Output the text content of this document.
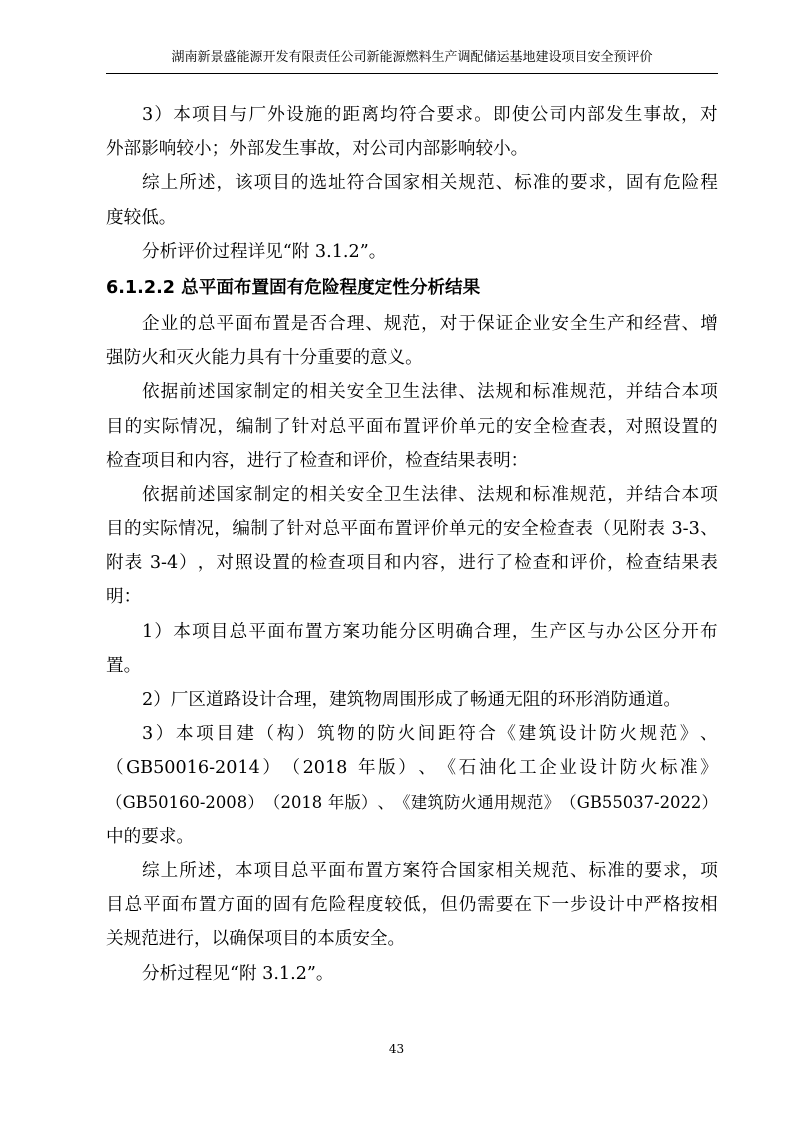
湖南新景盛能源开发有限责任公司新能源燃料生产调配储运基地建设项目安全预评价
3 ） 本 项 目 与 厂 外 设 施 的 距 离 均 符 合 要 求 。 即 使 公 司 内 部 发 生 事 故 ， 对
外部影响较小；外部发生事故，对公司内部影响较小。
综 上 所 述 ， 该 项 目 的 选 址 符 合 国 家 相 关 规 范 、 标 准 的 要 求 ， 固 有 危 险 程
度较低。
分析评价过程详见“附 3.1.2”。
6.1.2.2 总平面布置固有危险程度定性分析结果
企 业 的 总 平 面 布 置 是 否 合 理 、 规 范 ， 对 于 保 证 企 业 安 全 生 产 和 经 营 、 增
强防火和灭火能力具有十分重要的意义。
依 据 前 述 国 家 制 定 的 相 关 安 全 卫 生 法 律 、 法 规 和 标 准 规 范 ， 并 结 合 本 项
目 的 实 际 情 况 ， 编 制 了 针 对 总 平 面 布 置 评 价 单 元 的 安 全 检 查 表 ， 对 照 设 置 的
检查项目和内容，进行了检查和评价，检查结果表明：
依 据 前 述 国 家 制 定 的 相 关 安 全 卫 生 法 律 、 法 规 和 标 准 规 范 ， 并 结 合 本 项
目 的 实 际 情 况 ， 编 制 了 针 对 总 平 面 布 置 评 价 单 元 的 安 全 检 查 表 （ 见 附 表
3-3 、
附 表
3-4 ） ， 对 照 设 置 的 检 查 项 目 和 内 容 ， 进 行 了 检 查 和 评 价 ， 检 查 结 果 表
明：
1 ） 本 项 目 总 平 面 布 置 方 案 功 能 分 区 明 确 合 理 ， 生 产 区 与 办 公 区 分 开 布
置。
2）厂区道路设计合理，建筑物周围形成了畅通无阻的环形消防通道。
3 ） 本 项 目 建 （ 构 ） 筑 物 的 防 火 间 距 符 合 《 建 筑 设 计 防 火 规 范 》 、
（ GB50016-2014 ） （ 2018
年 版 ） 、 《 石 油 化 工 企 业 设 计 防 火 标 准 》
（ GB50160-2008 ） （ 2018
年 版 ） 、 《 建 筑 防 火 通 用 规 范 》 （ GB55037-2022 ）
中的要求。
综 上 所 述 ， 本 项 目 总 平 面 布 置 方 案 符 合 国 家 相 关 规 范 、 标 准 的 要 求 ， 项
目 总 平 面 布 置 方 面 的 固 有 危 险 程 度 较 低 ， 但 仍 需 要 在 下 一 步 设 计 中 严 格 按 相
关规范进行，以确保项目的本质安全。
分析过程见“附 3.1.2”。
43
